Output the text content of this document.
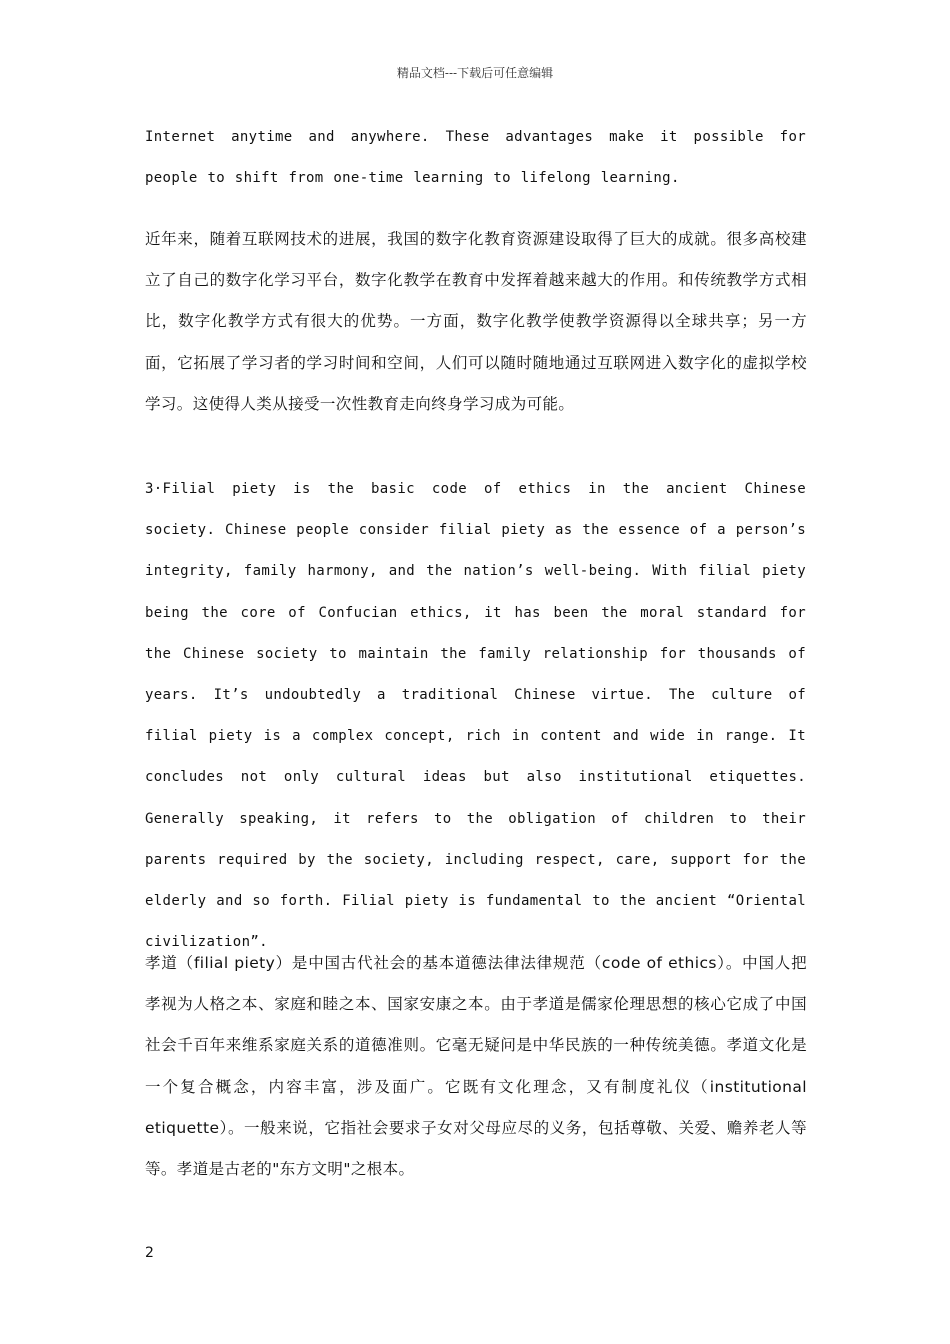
精品文档---下载后可任意编辑

Internet anytime and anywhere. These advantages make it possible for people to shift from one-time learning to lifelong learning.

近年来，随着互联网技术的进展，我国的数字化教育资源建设取得了巨大的成就。很多高校建立了自己的数字化学习平台，数字化教学在教育中发挥着越来越大的作用。和传统教学方式相比，数字化教学方式有很大的优势。一方面，数字化教学使教学资源得以全球共享；另一方面，它拓展了学习者的学习时间和空间，人们可以随时随地通过互联网进入数字化的虚拟学校学习。这使得人类从接受一次性教育走向终身学习成为可能。

3·Filial piety is the basic code of ethics in the ancient Chinese society. Chinese people consider filial piety as the essence of a person’s integrity, family harmony, and the nation’s well-being. With filial piety being the core of Confucian ethics, it has been the moral standard for the Chinese society to maintain the family relationship for thousands of years. It’s undoubtedly a traditional Chinese virtue. The culture of filial piety is a complex concept, rich in content and wide in range. It concludes not only cultural ideas but also institutional etiquettes. Generally speaking, it refers to the obligation of children to their parents required by the society, including respect, care, support for the elderly and so forth. Filial piety is fundamental to the ancient “Oriental civilization”.

孝道（filial piety）是中国古代社会的基本道德法律法律规范（code of ethics）。中国人把孝视为人格之本、家庭和睦之本、国家安康之本。由于孝道是儒家伦理思想的核心它成了中国社会千百年来维系家庭关系的道德准则。它毫无疑问是中华民族的一种传统美德。孝道文化是一个复合概念，内容丰富，涉及面广。它既有文化理念，又有制度礼仪（institutional etiquette）。一般来说，它指社会要求子女对父母应尽的义务，包括尊敬、关爱、赡养老人等等。孝道是古老的"东方文明"之根本。

2
